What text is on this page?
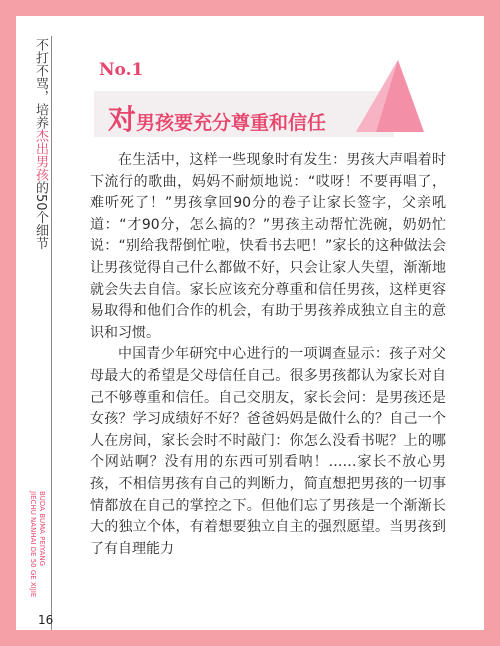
不打不骂，培养杰出男孩的50个细节
BUDA BUMA PEIYANG
JIECHU NANHAI DE 50 GE XIJIE
16
No.1
对男孩要充分尊重和信任

在生活中，这样一些现象时有发生：男孩大声唱着时下流行的歌曲，妈妈不耐烦地说：“哎呀！不要再唱了，难听死了！”男孩拿回90分的卷子让家长签字，父亲吼道：“才90分，怎么搞的？”男孩主动帮忙洗碗，奶奶忙说：“别给我帮倒忙啦，快看书去吧！”家长的这种做法会让男孩觉得自己什么都做不好，只会让家人失望，渐渐地就会失去自信。家长应该充分尊重和信任男孩，这样更容易取得和他们合作的机会，有助于男孩养成独立自主的意识和习惯。

中国青少年研究中心进行的一项调查显示：孩子对父母最大的希望是父母信任自己。很多男孩都认为家长对自己不够尊重和信任。自己交朋友，家长会问：是男孩还是女孩？学习成绩好不好？爸爸妈妈是做什么的？自己一个人在房间，家长会时不时敲门：你怎么没看书呢？上的哪个网站啊？没有用的东西可别看呐！……家长不放心男孩，不相信男孩有自己的判断力，简直想把男孩的一切事情都放在自己的掌控之下。但他们忘了男孩是一个渐渐长大的独立个体，有着想要独立自主的强烈愿望。当男孩到了有自理能力
